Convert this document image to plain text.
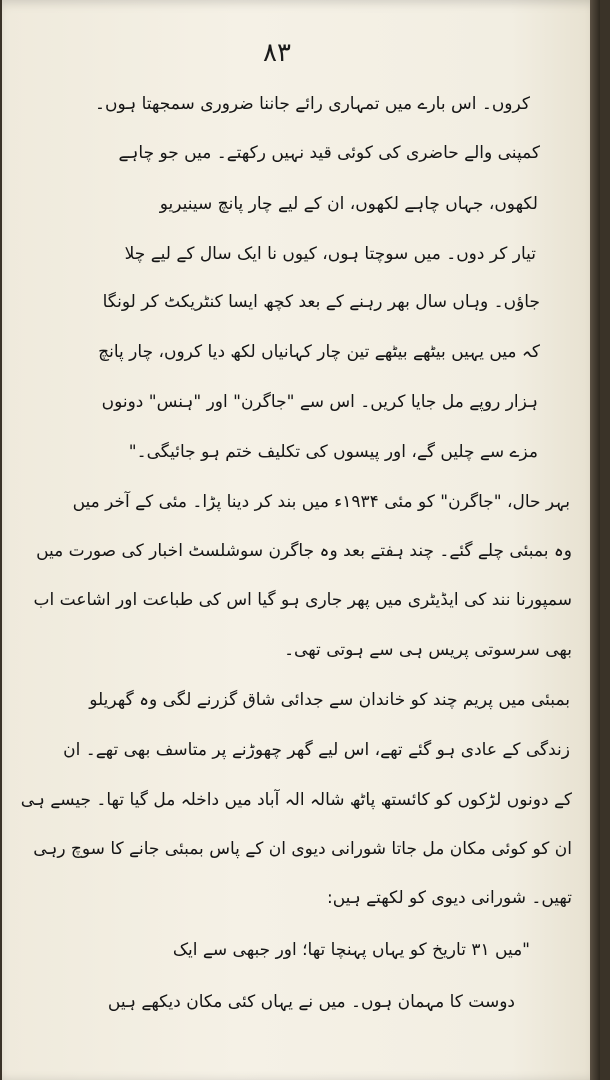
۸۳
کروں۔ اس بارے میں تمہاری رائے جاننا ضروری سمجھتا ہوں۔
کمپنی والے حاضری کی کوئی قید نہیں رکھتے۔ میں جو چاہے
لکھوں، جہاں چاہے لکھوں، ان کے لیے چار پانچ سینیریو
تیار کر دوں۔ میں سوچتا ہوں، کیوں نا ایک سال کے لیے چلا
جاؤں۔ وہاں سال بھر رہنے کے بعد کچھ ایسا کنٹریکٹ کر لونگا
کہ میں یہیں بیٹھے بیٹھے تین چار کہانیاں لکھ دیا کروں، چار پانچ
ہزار روپے مل جایا کریں۔ اس سے "جاگرن" اور "ہنس" دونوں
مزے سے چلیں گے، اور پیسوں کی تکلیف ختم ہو جائیگی۔"
بہر حال، "جاگرن" کو مئی ۱۹۳۴ء میں بند کر دینا پڑا۔ مئی کے آخر میں
وہ بمبئی چلے گئے۔ چند ہفتے بعد وہ جاگرن سوشلسٹ اخبار کی صورت میں
سمپورنا نند کی ایڈیٹری میں پھر جاری ہو گیا اس کی طباعت اور اشاعت اب
بھی سرسوتی پریس ہی سے ہوتی تھی۔
بمبئی میں پریم چند کو خاندان سے جدائی شاق گزرنے لگی وہ گھریلو
زندگی کے عادی ہو گئے تھے، اس لیے گھر چھوڑنے پر متاسف بھی تھے۔ ان
کے دونوں لڑکوں کو کائستھ پاٹھ شالہ الہ آباد میں داخلہ مل گیا تھا۔ جیسے ہی
ان کو کوئی مکان مل جاتا شورانی دیوی ان کے پاس بمبئی جانے کا سوچ رہی
تھیں۔ شورانی دیوی کو لکھتے ہیں:
"میں ۳۱ تاریخ کو یہاں پہنچا تھا؛ اور جبھی سے ایک
دوست کا مہمان ہوں۔ میں نے یہاں کئی مکان دیکھے ہیں
